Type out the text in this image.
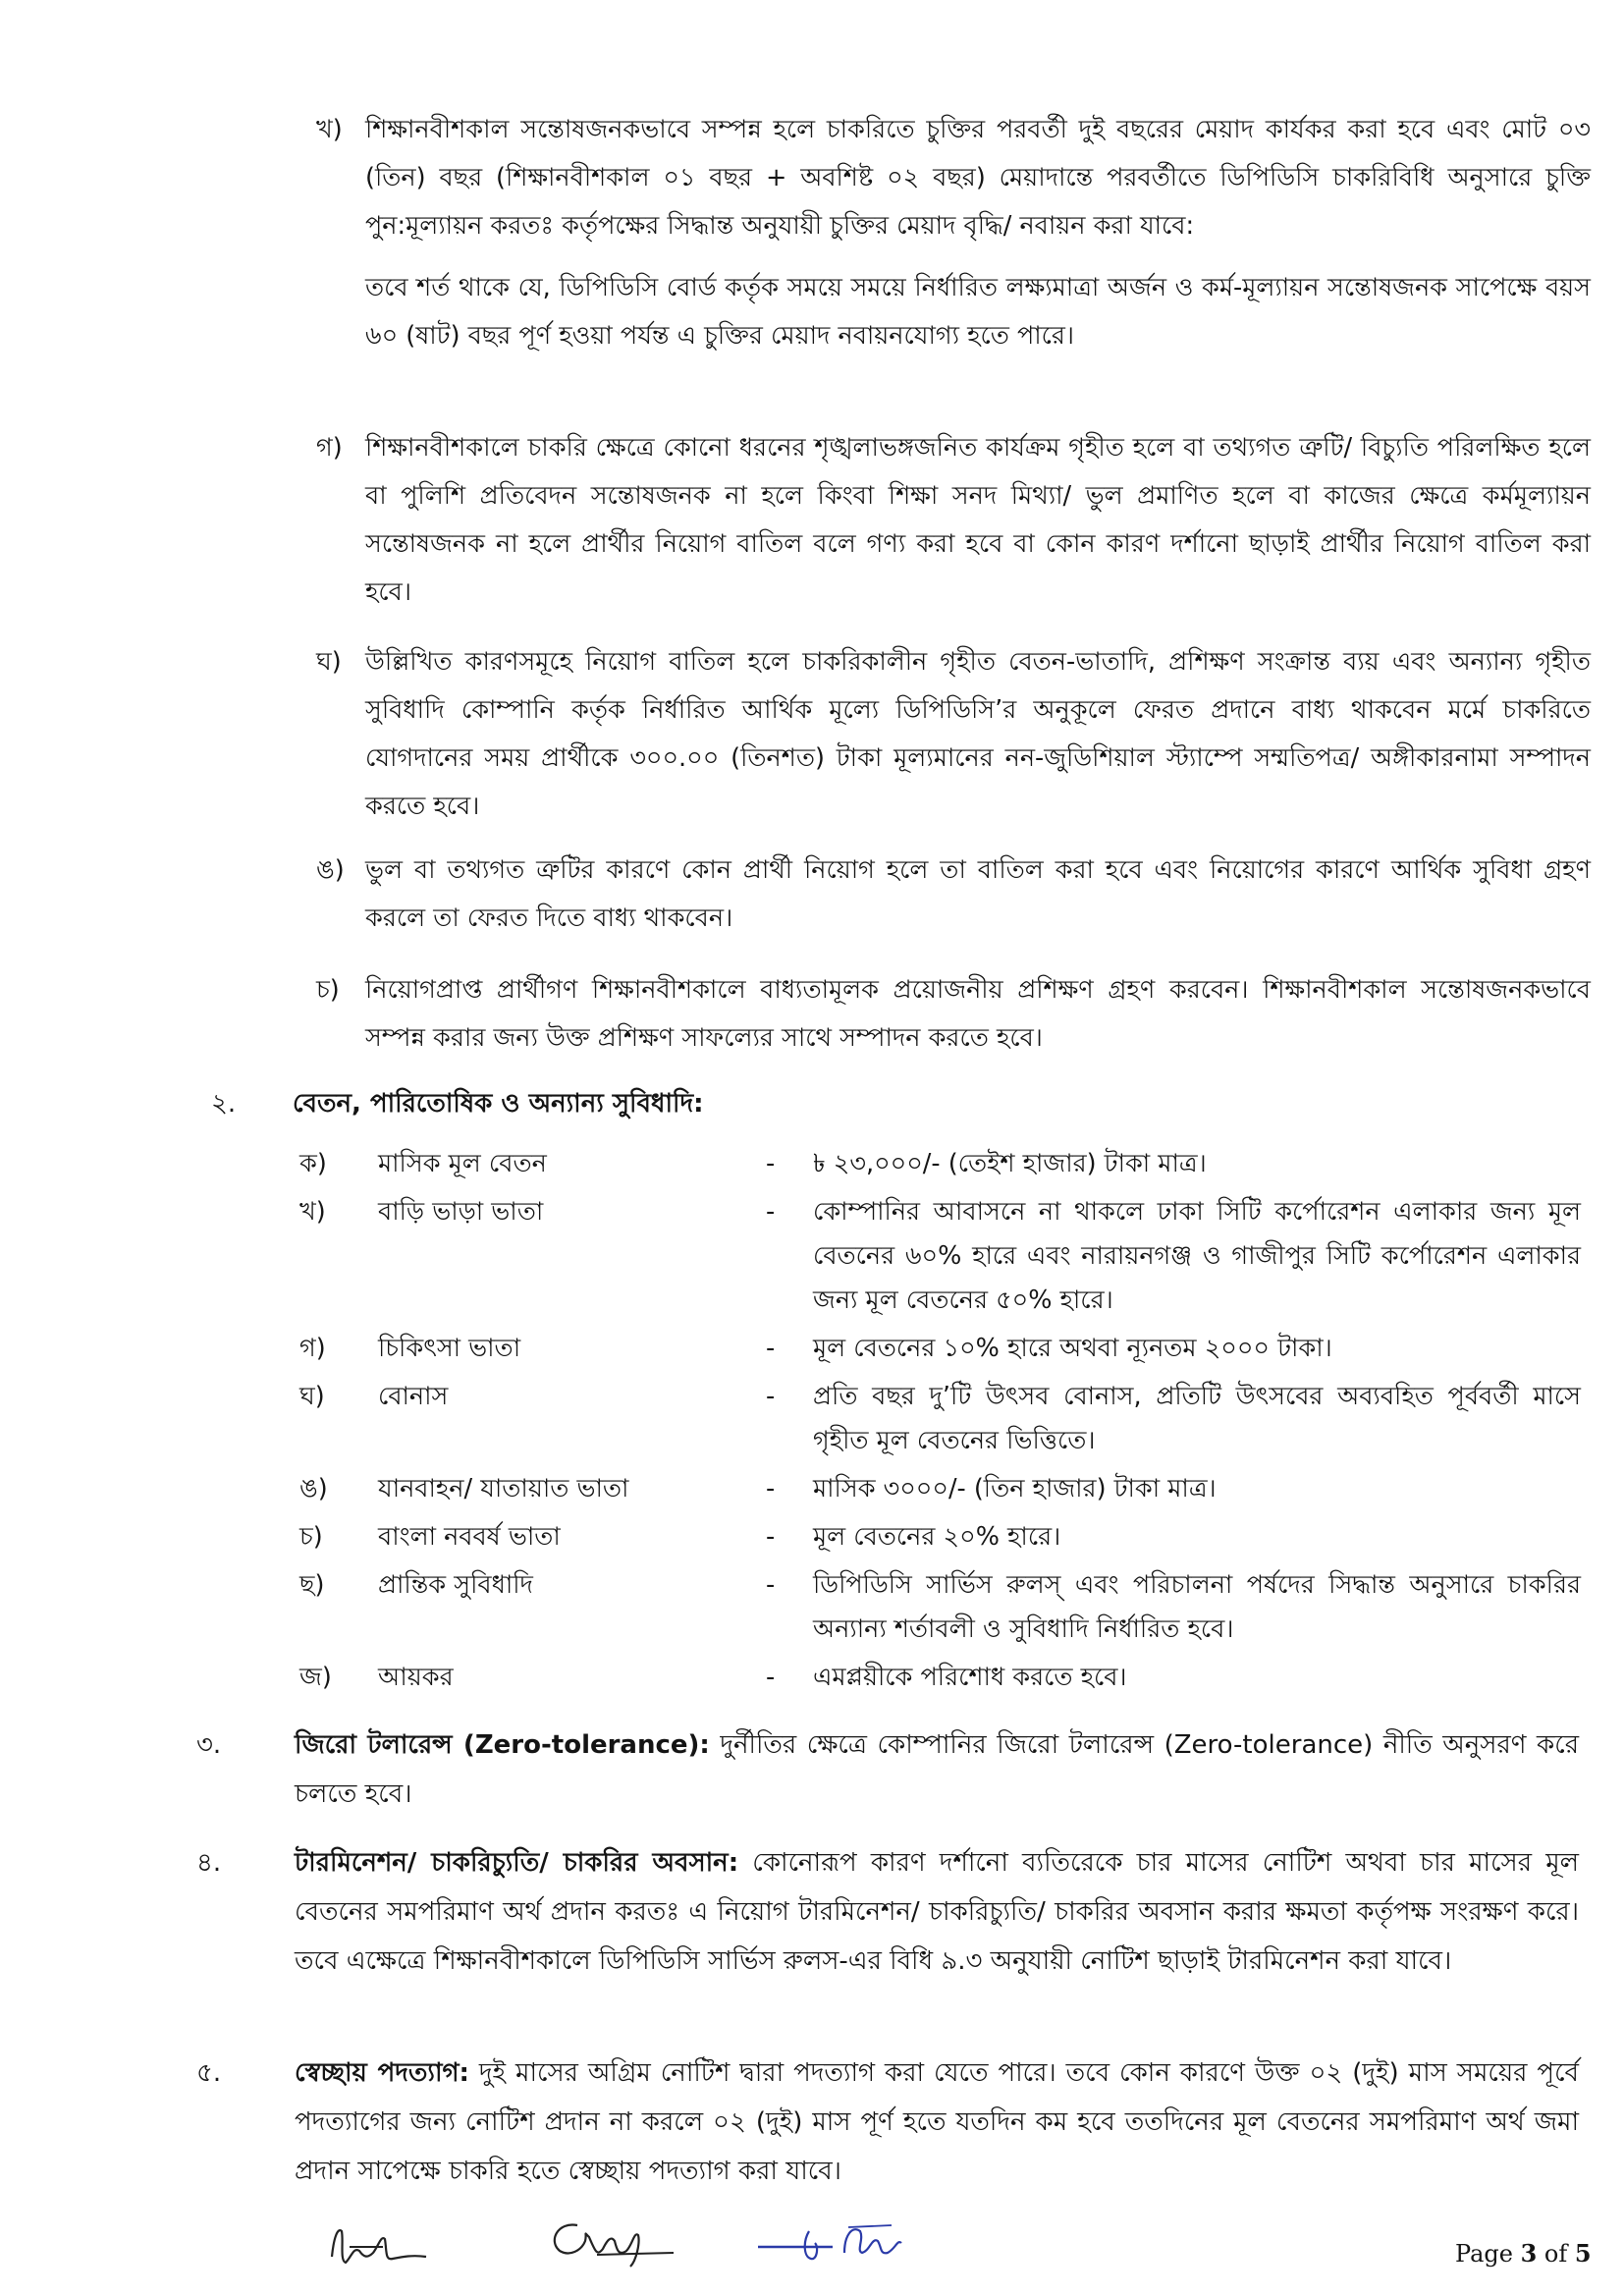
খ) শিক্ষানবীশকাল সন্তোষজনকভাবে সম্পন্ন হলে চাকরিতে চুক্তির পরবর্তী দুই বছরের মেয়াদ কার্যকর করা হবে এবং মোট ০৩ (তিন) বছর (শিক্ষানবীশকাল ০১ বছর + অবশিষ্ট ০২ বছর) মেয়াদান্তে পরবর্তীতে ডিপিডিসি চাকরিবিধি অনুসারে চুক্তি পুন:মূল্যায়ন করতঃ কর্তৃপক্ষের সিদ্ধান্ত অনুযায়ী চুক্তির মেয়াদ বৃদ্ধি/ নবায়ন করা যাবে:

তবে শর্ত থাকে যে, ডিপিডিসি বোর্ড কর্তৃক সময়ে সময়ে নির্ধারিত লক্ষ্যমাত্রা অর্জন ও কর্ম-মূল্যায়ন সন্তোষজনক সাপেক্ষে বয়স ৬০ (ষাট) বছর পূর্ণ হওয়া পর্যন্ত এ চুক্তির মেয়াদ নবায়নযোগ্য হতে পারে।

গ) শিক্ষানবীশকালে চাকরি ক্ষেত্রে কোনো ধরনের শৃঙ্খলাভঙ্গজনিত কার্যক্রম গৃহীত হলে বা তথ্যগত ত্রুটি/ বিচ্যুতি পরিলক্ষিত হলে বা পুলিশি প্রতিবেদন সন্তোষজনক না হলে কিংবা শিক্ষা সনদ মিথ্যা/ ভুল প্রমাণিত হলে বা কাজের ক্ষেত্রে কর্মমূল্যায়ন সন্তোষজনক না হলে প্রার্থীর নিয়োগ বাতিল বলে গণ্য করা হবে বা কোন কারণ দর্শানো ছাড়াই প্রার্থীর নিয়োগ বাতিল করা হবে।

ঘ) উল্লিখিত কারণসমূহে নিয়োগ বাতিল হলে চাকরিকালীন গৃহীত বেতন-ভাতাদি, প্রশিক্ষণ সংক্রান্ত ব্যয় এবং অন্যান্য গৃহীত সুবিধাদি কোম্পানি কর্তৃক নির্ধারিত আর্থিক মূল্যে ডিপিডিসি’র অনুকূলে ফেরত প্রদানে বাধ্য থাকবেন মর্মে চাকরিতে যোগদানের সময় প্রার্থীকে ৩০০.০০ (তিনশত) টাকা মূল্যমানের নন-জুডিশিয়াল স্ট্যাম্পে সম্মতিপত্র/ অঙ্গীকারনামা সম্পাদন করতে হবে।

ঙ) ভুল বা তথ্যগত ত্রুটির কারণে কোন প্রার্থী নিয়োগ হলে তা বাতিল করা হবে এবং নিয়োগের কারণে আর্থিক সুবিধা গ্রহণ করলে তা ফেরত দিতে বাধ্য থাকবেন।

চ) নিয়োগপ্রাপ্ত প্রার্থীগণ শিক্ষানবীশকালে বাধ্যতামূলক প্রয়োজনীয় প্রশিক্ষণ গ্রহণ করবেন। শিক্ষানবীশকাল সন্তোষজনকভাবে সম্পন্ন করার জন্য উক্ত প্রশিক্ষণ সাফল্যের সাথে সম্পাদন করতে হবে।

২. বেতন, পারিতোষিক ও অন্যান্য সুবিধাদি:
ক)	মাসিক মূল বেতন	-	৳ ২৩,০০০/- (তেইশ হাজার) টাকা মাত্র।
খ)	বাড়ি ভাড়া ভাতা	-	কোম্পানির আবাসনে না থাকলে ঢাকা সিটি কর্পোরেশন এলাকার জন্য মূল বেতনের ৬০% হারে এবং নারায়নগঞ্জ ও গাজীপুর সিটি কর্পোরেশন এলাকার জন্য মূল বেতনের ৫০% হারে।
গ)	চিকিৎসা ভাতা	-	মূল বেতনের ১০% হারে অথবা ন্যূনতম ২০০০ টাকা।
ঘ)	বোনাস	-	প্রতি বছর দু’টি উৎসব বোনাস, প্রতিটি উৎসবের অব্যবহিত পূর্ববর্তী মাসে গৃহীত মূল বেতনের ভিত্তিতে।
ঙ)	যানবাহন/ যাতায়াত ভাতা	-	মাসিক ৩০০০/- (তিন হাজার) টাকা মাত্র।
চ)	বাংলা নববর্ষ ভাতা	-	মূল বেতনের ২০% হারে।
ছ)	প্রান্তিক সুবিধাদি	-	ডিপিডিসি সার্ভিস রুলস্ এবং পরিচালনা পর্ষদের সিদ্ধান্ত অনুসারে চাকরির অন্যান্য শর্তাবলী ও সুবিধাদি নির্ধারিত হবে।
জ)	আয়কর	-	এমপ্লয়ীকে পরিশোধ করতে হবে।
৩.	জিরো টলারেন্স (Zero-tolerance): দুর্নীতির ক্ষেত্রে কোম্পানির জিরো টলারেন্স (Zero-tolerance) নীতি অনুসরণ করে চলতে হবে।
৪.	টারমিনেশন/ চাকরিচ্যুতি/ চাকরির অবসান: কোনোরূপ কারণ দর্শানো ব্যতিরেকে চার মাসের নোটিশ অথবা চার মাসের মূল বেতনের সমপরিমাণ অর্থ প্রদান করতঃ এ নিয়োগ টারমিনেশন/ চাকরিচ্যুতি/ চাকরির অবসান করার ক্ষমতা কর্তৃপক্ষ সংরক্ষণ করে। তবে এক্ষেত্রে শিক্ষানবীশকালে ডিপিডিসি সার্ভিস রুলস-এর বিধি ৯.৩ অনুযায়ী নোটিশ ছাড়াই টারমিনেশন করা যাবে।
৫.	স্বেচ্ছায় পদত্যাগ: দুই মাসের অগ্রিম নোটিশ দ্বারা পদত্যাগ করা যেতে পারে। তবে কোন কারণে উক্ত ০২ (দুই) মাস সময়ের পূর্বে পদত্যাগের জন্য নোটিশ প্রদান না করলে ০২ (দুই) মাস পূর্ণ হতে যতদিন কম হবে ততদিনের মূল বেতনের সমপরিমাণ অর্থ জমা প্রদান সাপেক্ষে চাকরি হতে স্বেচ্ছায় পদত্যাগ করা যাবে।
Page 3 of 5
